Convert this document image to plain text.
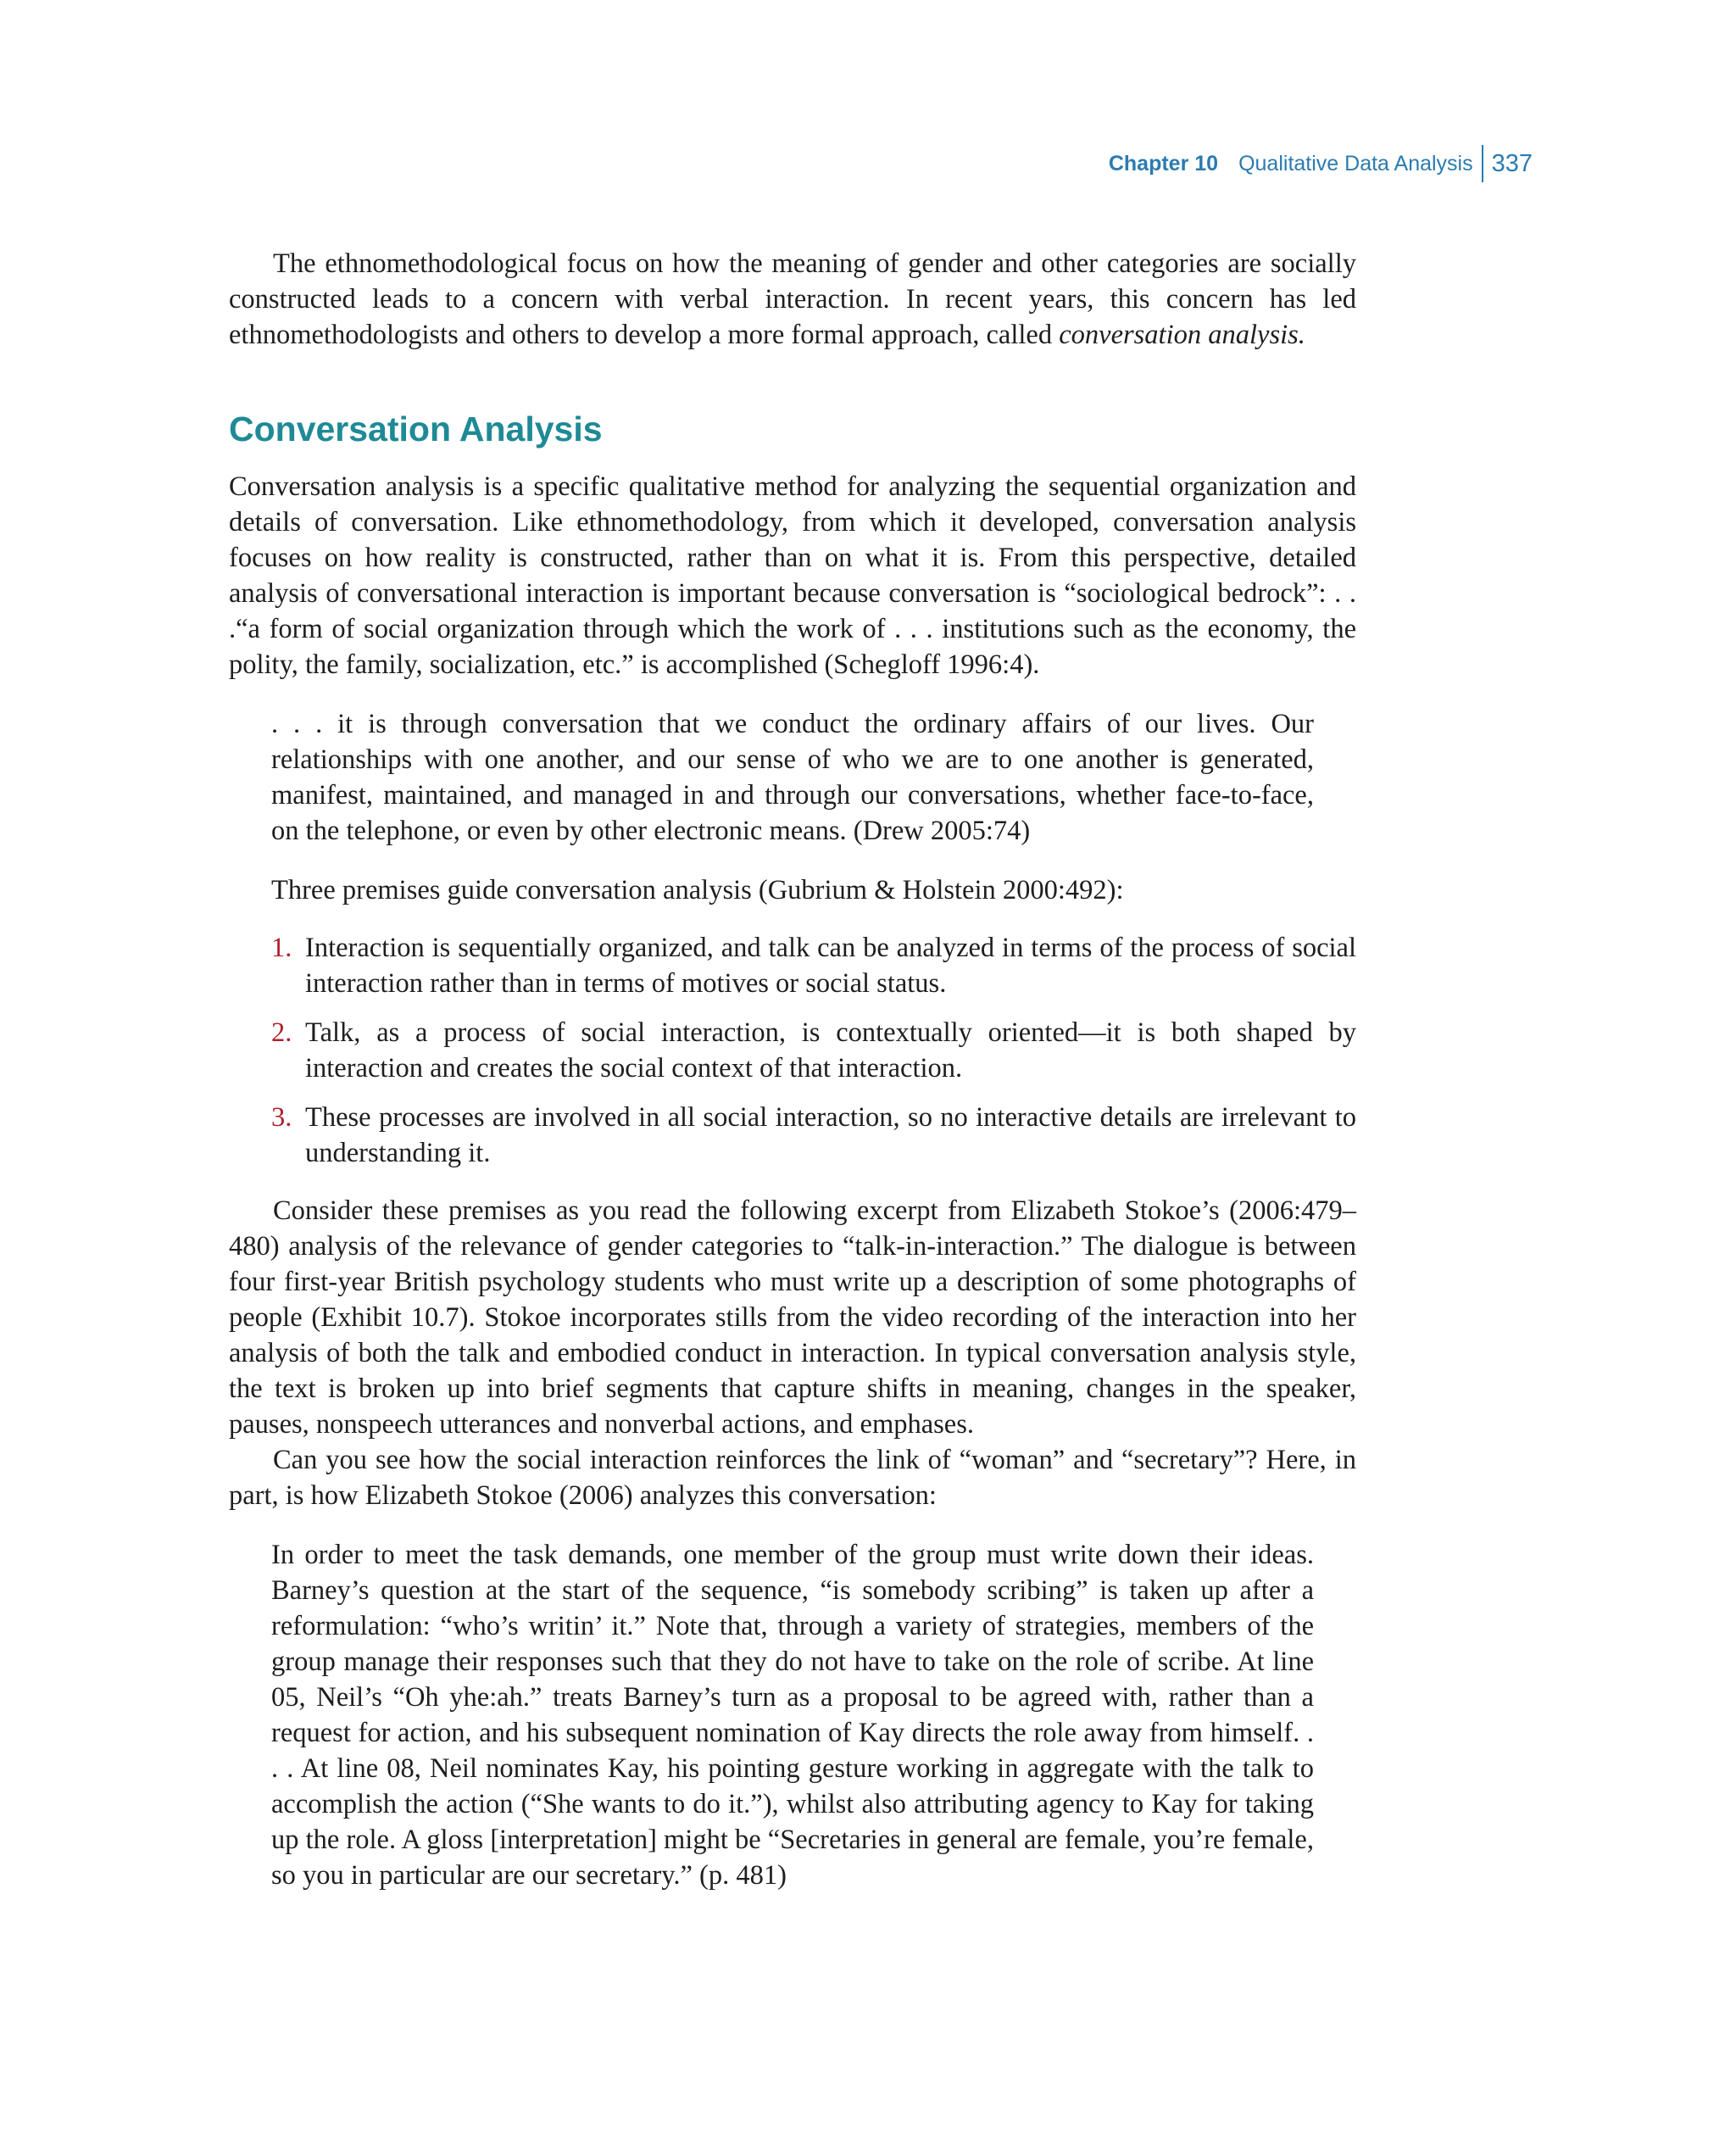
Chapter 10 Qualitative Data Analysis 337

The ethnomethodological focus on how the meaning of gender and other categories are socially constructed leads to a concern with verbal interaction. In recent years, this concern has led ethnomethodologists and others to develop a more formal approach, called conversation analysis.

Conversation Analysis

Conversation analysis is a specific qualitative method for analyzing the sequential organization and details of conversation. Like ethnomethodology, from which it developed, conversation analysis focuses on how reality is constructed, rather than on what it is. From this perspective, detailed analysis of conversational interaction is important because conversation is “sociological bedrock”: . . .“a form of social organization through which the work of . . . institutions such as the economy, the polity, the family, socialization, etc.” is accomplished (Schegloff 1996:4).

. . . it is through conversation that we conduct the ordinary affairs of our lives. Our relationships with one another, and our sense of who we are to one another is generated, manifest, maintained, and managed in and through our conversations, whether face-to-face, on the telephone, or even by other electronic means. (Drew 2005:74)

Three premises guide conversation analysis (Gubrium & Holstein 2000:492):

1. Interaction is sequentially organized, and talk can be analyzed in terms of the process of social interaction rather than in terms of motives or social status.
2. Talk, as a process of social interaction, is contextually oriented—it is both shaped by interaction and creates the social context of that interaction.
3. These processes are involved in all social interaction, so no interactive details are irrelevant to understanding it.

Consider these premises as you read the following excerpt from Elizabeth Stokoe’s (2006:479–480) analysis of the relevance of gender categories to “talk-in-interaction.” The dialogue is between four first-year British psychology students who must write up a description of some photographs of people (Exhibit 10.7). Stokoe incorporates stills from the video recording of the interaction into her analysis of both the talk and embodied conduct in interaction. In typical conversation analysis style, the text is broken up into brief segments that capture shifts in meaning, changes in the speaker, pauses, nonspeech utterances and nonverbal actions, and emphases.

Can you see how the social interaction reinforces the link of “woman” and “secretary”? Here, in part, is how Elizabeth Stokoe (2006) analyzes this conversation:

In order to meet the task demands, one member of the group must write down their ideas. Barney’s question at the start of the sequence, “is somebody scribing” is taken up after a reformulation: “who’s writin’ it.” Note that, through a variety of strategies, members of the group manage their responses such that they do not have to take on the role of scribe. At line 05, Neil’s “Oh yhe:ah.” treats Barney’s turn as a proposal to be agreed with, rather than a request for action, and his subsequent nomination of Kay directs the role away from himself. . . . At line 08, Neil nominates Kay, his pointing gesture working in aggregate with the talk to accomplish the action (“She wants to do it.”), whilst also attributing agency to Kay for taking up the role. A gloss [interpretation] might be “Secretaries in general are female, you’re female, so you in particular are our secretary.” (p. 481)
